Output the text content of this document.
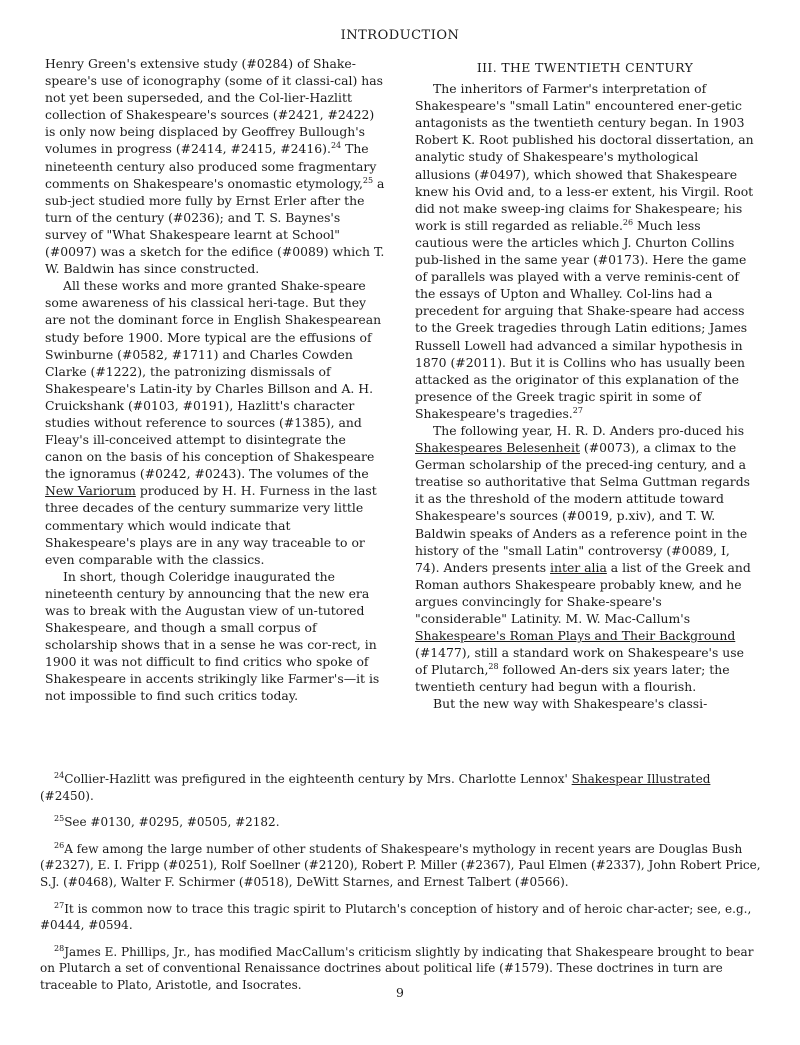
INTRODUCTION

Henry Green's extensive study (#0284) of Shake-speare's use of iconography (some of it classi-cal) has not yet been superseded, and the Col-lier-Hazlitt collection of Shakespeare's sources (#2421, #2422) is only now being displaced by Geoffrey Bullough's volumes in progress (#2414, #2415, #2416).$^{24}$ The nineteenth century also produced some fragmentary comments on Shakespeare's onomastic etymology,$^{25}$ a sub-ject studied more fully by Ernst Erler after the turn of the century (#0236); and T. S. Baynes's survey of "What Shakespeare learnt at School" (#0097) was a sketch for the edifice (#0089) which T. W. Baldwin has since constructed.

All these works and more granted Shake-speare some awareness of his classical heri-tage. But they are not the dominant force in English Shakespearean study before 1900. More typical are the effusions of Swinburne (#0582, #1711) and Charles Cowden Clarke (#1222), the patronizing dismissals of Shakespeare's Latin-ity by Charles Billson and A. H. Cruickshank (#0103, #0191), Hazlitt's character studies without reference to sources (#1385), and Fleay's ill-conceived attempt to disintegrate the canon on the basis of his conception of Shakespeare the ignoramus (#0242, #0243). The volumes of the New Variorum produced by H. H. Furness in the last three decades of the century summarize very little commentary which would indicate that Shakespeare's plays are in any way traceable to or even comparable with the classics.

In short, though Coleridge inaugurated the nineteenth century by announcing that the new era was to break with the Augustan view of un-tutored Shakespeare, and though a small corpus of scholarship shows that in a sense he was cor-rect, in 1900 it was not difficult to find critics who spoke of Shakespeare in accents strikingly like Farmer's—it is not impossible to find such critics today.

III. THE TWENTIETH CENTURY

The inheritors of Farmer's interpretation of Shakespeare's "small Latin" encountered ener-getic antagonists as the twentieth century began. In 1903 Robert K. Root published his doctoral dissertation, an analytic study of Shakespeare's mythological allusions (#0497), which showed that Shakespeare knew his Ovid and, to a less-er extent, his Virgil. Root did not make sweep-ing claims for Shakespeare; his work is still regarded as reliable.$^{26}$ Much less cautious were the articles which J. Churton Collins pub-lished in the same year (#0173). Here the game of parallels was played with a verve reminis-cent of the essays of Upton and Whalley. Col-lins had a precedent for arguing that Shake-speare had access to the Greek tragedies through Latin editions; James Russell Lowell had advanced a similar hypothesis in 1870 (#2011). But it is Collins who has usually been attacked as the originator of this explanation of the presence of the Greek tragic spirit in some of Shakespeare's tragedies.$^{27}$

The following year, H. R. D. Anders pro-duced his Shakespeares Belesenheit (#0073), a climax to the German scholarship of the preced-ing century, and a treatise so authoritative that Selma Guttman regards it as the threshold of the modern attitude toward Shakespeare's sources (#0019, p.xiv), and T. W. Baldwin speaks of Anders as a reference point in the history of the "small Latin" controversy (#0089, I, 74). Anders presents inter alia a list of the Greek and Roman authors Shakespeare probably knew, and he argues convincingly for Shake-speare's "considerable" Latinity. M. W. Mac-Callum's Shakespeare's Roman Plays and Their Background (#1477), still a standard work on Shakespeare's use of Plutarch,$^{28}$ followed An-ders six years later; the twentieth century had begun with a flourish.

But the new way with Shakespeare's classi-

$^{24}$Collier-Hazlitt was prefigured in the eighteenth century by Mrs. Charlotte Lennox' Shakespear Illustrated (#2450).

$^{25}$See #0130, #0295, #0505, #2182.

$^{26}$A few among the large number of other students of Shakespeare's mythology in recent years are Douglas Bush (#2327), E. I. Fripp (#0251), Rolf Soellner (#2120), Robert P. Miller (#2367), Paul Elmen (#2337), John Robert Price, S.J. (#0468), Walter F. Schirmer (#0518), DeWitt Starnes, and Ernest Talbert (#0566).

$^{27}$It is common now to trace this tragic spirit to Plutarch's conception of history and of heroic char-acter; see, e.g., #0444, #0594.

$^{28}$James E. Phillips, Jr., has modified MacCallum's criticism slightly by indicating that Shakespeare brought to bear on Plutarch a set of conventional Renaissance doctrines about political life (#1579). These doctrines in turn are traceable to Plato, Aristotle, and Isocrates.

9
